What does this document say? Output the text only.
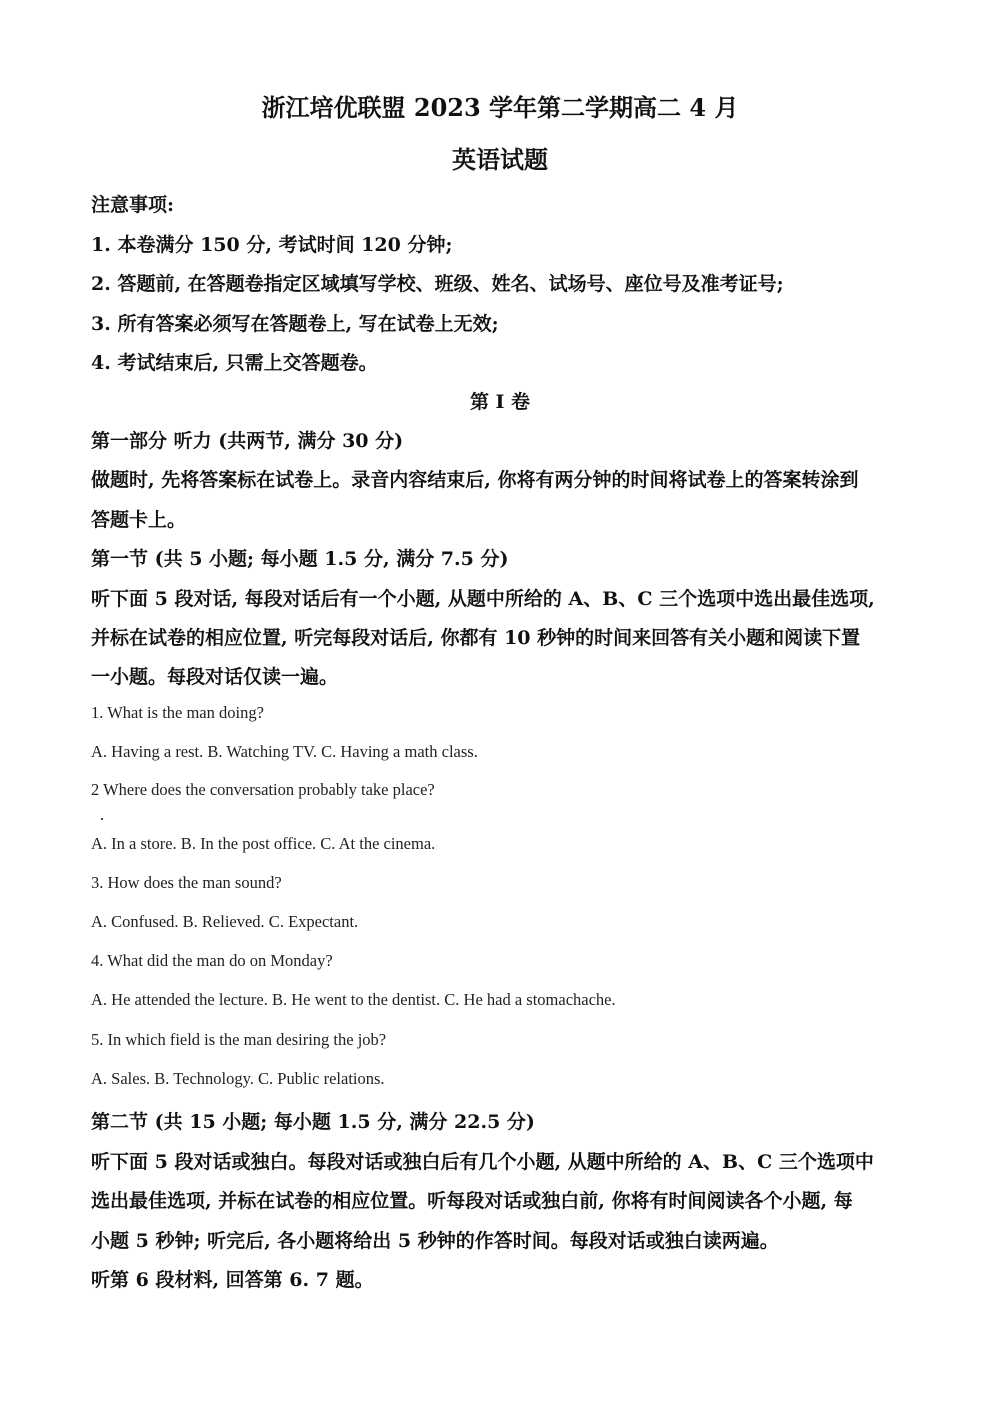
浙江培优联盟 2023 学年第二学期高二 4 月
英语试题
注意事项:
1. 本卷满分 150 分, 考试时间 120 分钟;
2. 答题前, 在答题卷指定区域填写学校、班级、姓名、试场号、座位号及准考证号;
3. 所有答案必须写在答题卷上, 写在试卷上无效;
4. 考试结束后, 只需上交答题卷。
第 I 卷
第一部分 听力 (共两节, 满分 30 分)
做题时, 先将答案标在试卷上。录音内容结束后, 你将有两分钟的时间将试卷上的答案转涂到
答题卡上。
第一节 (共 5 小题; 每小题 1.5 分, 满分 7.5 分)
听下面 5 段对话, 每段对话后有一个小题, 从题中所给的 A、B、C 三个选项中选出最佳选项,
并标在试卷的相应位置, 听完每段对话后, 你都有 10 秒钟的时间来回答有关小题和阅读下置
一小题。每段对话仅读一遍。
1. What is the man doing?
A. Having a rest. B. Watching TV. C. Having a math class.
2 Where does the conversation probably take place?
A. In a store. B. In the post office. C. At the cinema.
3. How does the man sound?
A. Confused. B. Relieved. C. Expectant.
4. What did the man do on Monday?
A. He attended the lecture. B. He went to the dentist. C. He had a stomachache.
5. In which field is the man desiring the job?
A. Sales. B. Technology. C. Public relations.
第二节 (共 15 小题; 每小题 1.5 分, 满分 22.5 分)
听下面 5 段对话或独白。每段对话或独白后有几个小题, 从题中所给的 A、B、C 三个选项中
选出最佳选项, 并标在试卷的相应位置。听每段对话或独白前, 你将有时间阅读各个小题, 每
小题 5 秒钟; 听完后, 各小题将给出 5 秒钟的作答时间。每段对话或独白读两遍。
听第 6 段材料, 回答第 6. 7 题。
